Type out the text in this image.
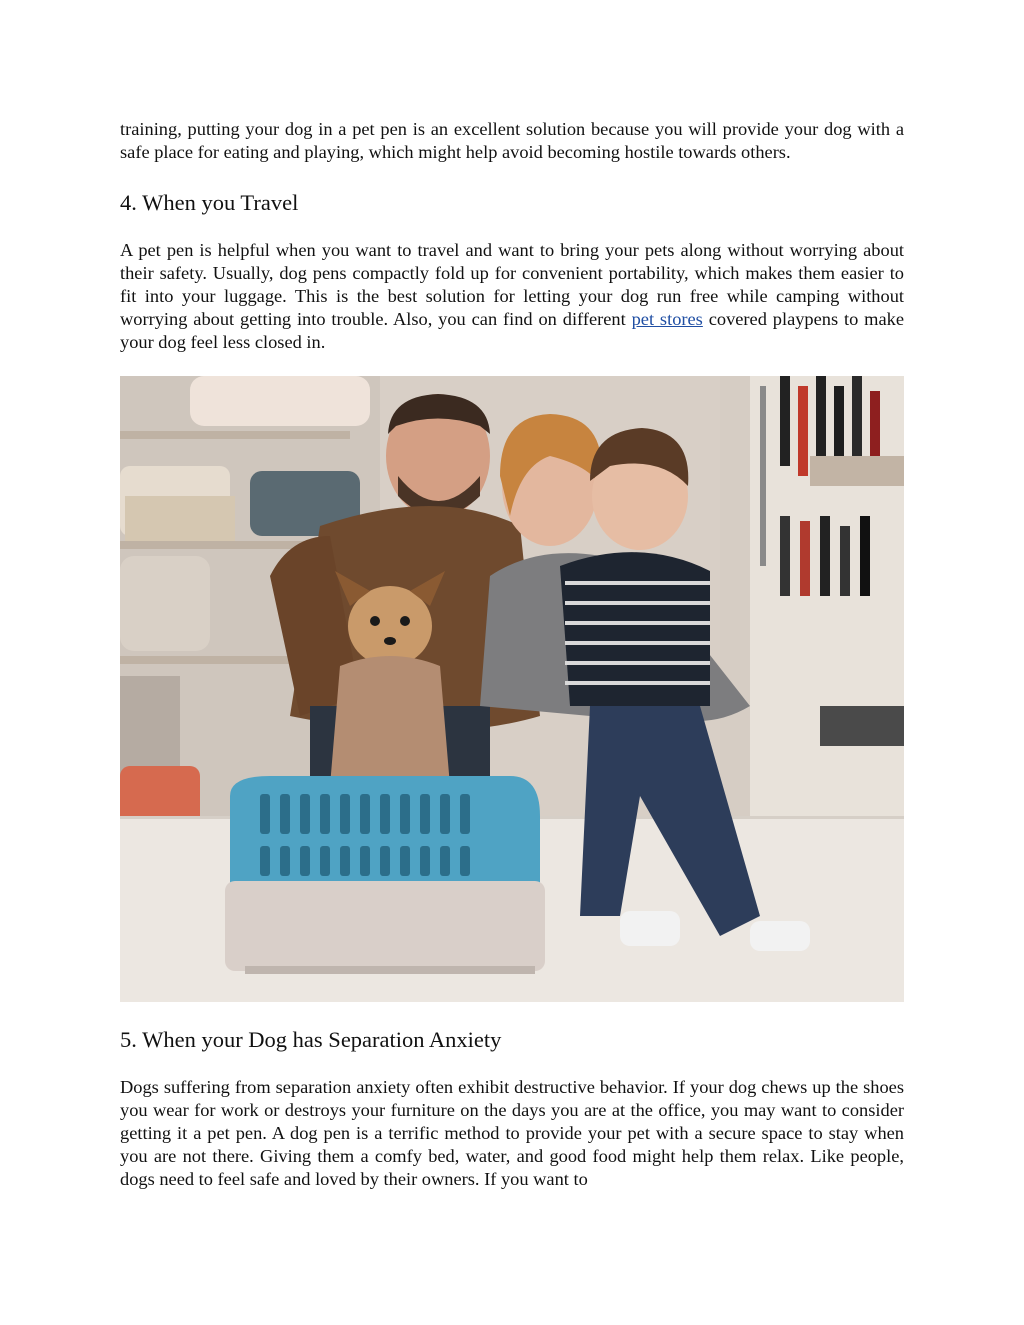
training, putting your dog in a pet pen is an excellent solution because you will provide your dog with a safe place for eating and playing, which might help avoid becoming hostile towards others.

4. When you Travel

A pet pen is helpful when you want to travel and want to bring your pets along without worrying about their safety. Usually, dog pens compactly fold up for convenient portability, which makes them easier to fit into your luggage. This is the best solution for letting your dog run free while camping without worrying about getting into trouble. Also, you can find on different pet stores covered playpens to make your dog feel less closed in.

5. When your Dog has Separation Anxiety

Dogs suffering from separation anxiety often exhibit destructive behavior. If your dog chews up the shoes you wear for work or destroys your furniture on the days you are at the office, you may want to consider getting it a pet pen. A dog pen is a terrific method to provide your pet with a secure space to stay when you are not there. Giving them a comfy bed, water, and good food might help them relax. Like people, dogs need to feel safe and loved by their owners. If you want to
